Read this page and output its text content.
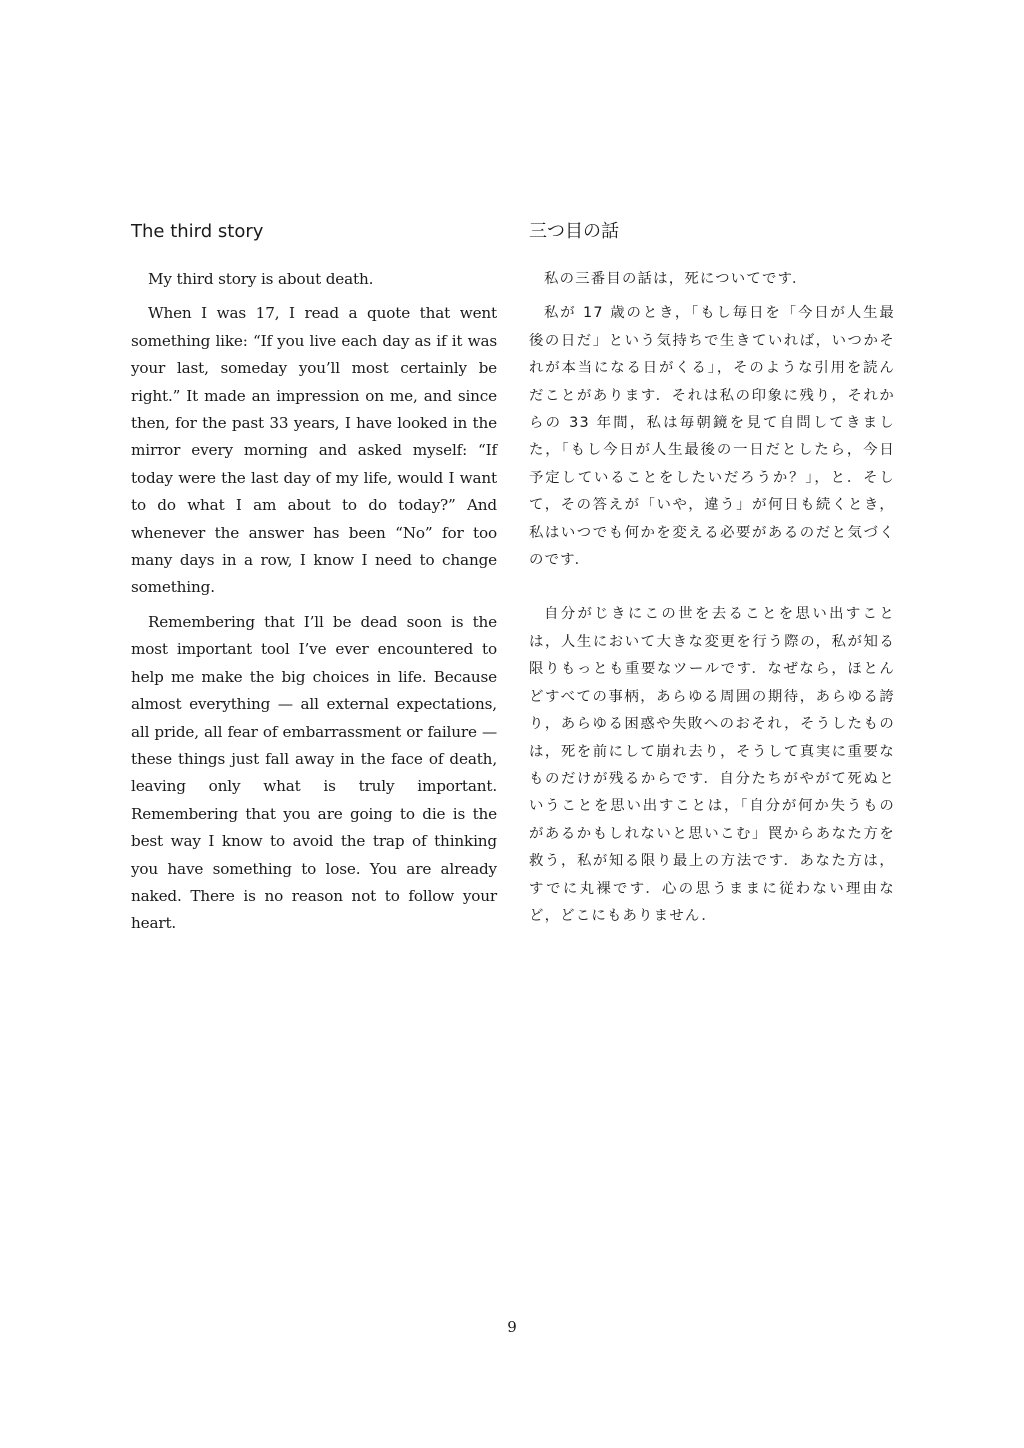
The third story

My third story is about death.

When I was 17, I read a quote that went something like: “If you live each day as if it was your last, someday you’ll most certainly be right.” It made an impression on me, and since then, for the past 33 years, I have looked in the mirror every morning and asked myself: “If today were the last day of my life, would I want to do what I am about to do today?” And whenever the answer has been “No” for too many days in a row, I know I need to change something.

Remembering that I’ll be dead soon is the most important tool I’ve ever encountered to help me make the big choices in life. Because almost everything — all external expectations, all pride, all fear of embarrassment or failure — these things just fall away in the face of death, leaving only what is truly important. Remembering that you are going to die is the best way I know to avoid the trap of thinking you have something to lose. You are already naked. There is no reason not to follow your heart.

三つ目の話

私の三番目の話は，死についてです．

私が 17 歳のとき，「もし毎日を「今日が人生最後の日だ」という気持ちで生きていれば，いつかそれが本当になる日がくる」，そのような引用を読んだことがあります．それは私の印象に残り，それからの 33 年間，私は毎朝鏡を見て自問してきました，「もし今日が人生最後の一日だとしたら，今日予定していることをしたいだろうか？」，と．そして，その答えが「いや，違う」が何日も続くとき，私はいつでも何かを変える必要があるのだと気づくのです．

自分がじきにこの世を去ることを思い出すことは，人生において大きな変更を行う際の，私が知る限りもっとも重要なツールです．なぜなら，ほとんどすべての事柄，あらゆる周囲の期待，あらゆる誇り，あらゆる困惑や失敗へのおそれ，そうしたものは，死を前にして崩れ去り，そうして真実に重要なものだけが残るからです．自分たちがやがて死ぬということを思い出すことは，「自分が何か失うものがあるかもしれないと思いこむ」罠からあなた方を救う，私が知る限り最上の方法です．あなた方は，すでに丸裸です．心の思うままに従わない理由など，どこにもありません．

9
